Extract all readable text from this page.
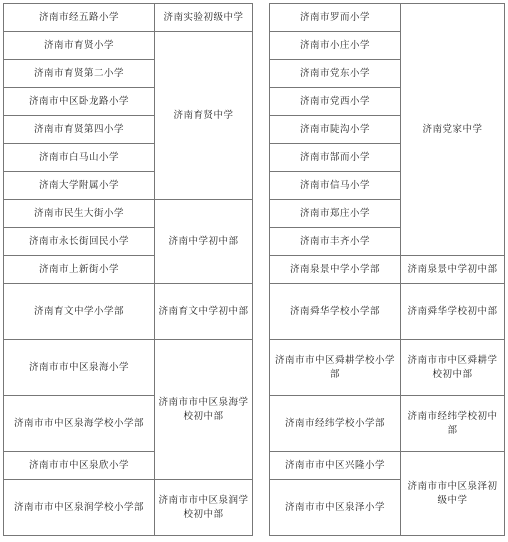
济南市经五路小学	济南实验初级中学
济南市育贤小学	济南育贤中学
济南市育贤第二小学	
济南市中区卧龙路小学	
济南市育贤第四小学	
济南市白马山小学	
济南大学附属小学	
济南市民生大街小学	济南中学初中部
济南市永长街回民小学	
济南市上新街小学	
济南育文中学小学部	济南育文中学初中部
济南市市中区泉海小学	济南市市中区泉海学校初中部
济南市市中区泉海学校小学部	
济南市市中区泉欣小学	
济南市市中区泉润学校小学部	济南市市中区泉润学校初中部
济南市罗而小学	济南党家中学
济南市小庄小学	
济南市党东小学	
济南市党西小学	
济南市陡沟小学	
济南市郜而小学	
济南市信马小学	
济南市郑庄小学	
济南市丰齐小学	
济南泉景中学小学部	济南泉景中学初中部
济南舜华学校小学部	济南舜华学校初中部
济南市市中区舜耕学校小学部	济南市市中区舜耕学校初中部
济南市经纬学校小学部	济南市经纬学校初中部
济南市市中区兴隆小学	济南市市中区泉泽初级中学
济南市市中区泉泽小学	
